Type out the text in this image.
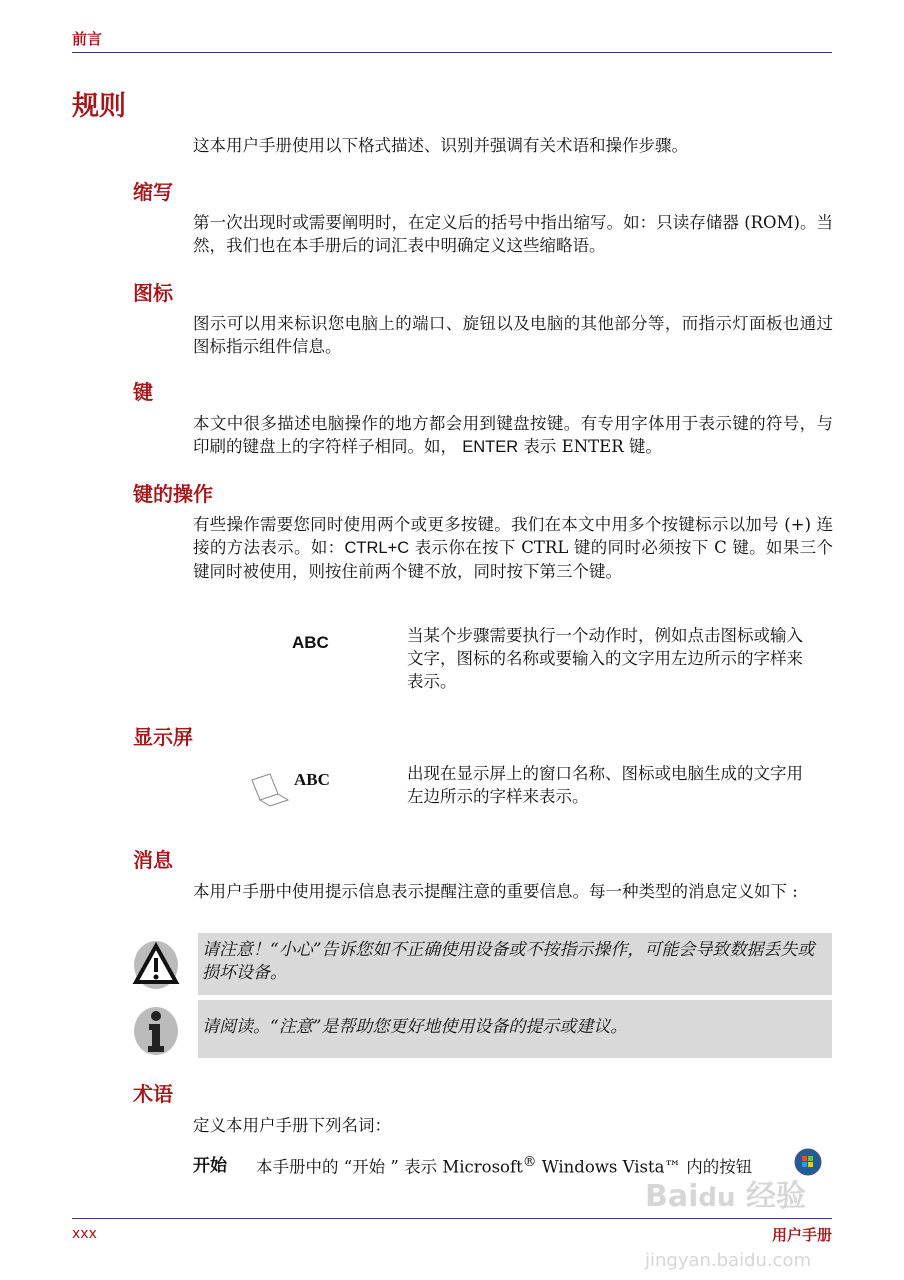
前言
规则
这本用户手册使用以下格式描述、识别并强调有关术语和操作步骤。
缩写
第一次出现时或需要阐明时，在定义后的括号中指出缩写。如：只读存储器 (ROM)。当然，我们也在本手册后的词汇表中明确定义这些缩略语。
图标
图示可以用来标识您电脑上的端口、旋钮以及电脑的其他部分等，而指示灯面板也通过图标指示组件信息。
键
本文中很多描述电脑操作的地方都会用到键盘按键。有专用字体用于表示键的符号，与印刷的键盘上的字符样子相同。如， ENTER 表示 ENTER 键。
键的操作
有些操作需要您同时使用两个或更多按键。我们在本文中用多个按键标示以加号 (+) 连接的方法表示。如：CTRL+C 表示你在按下 CTRL 键的同时必须按下 C 键。如果三个键同时被使用，则按住前两个键不放，同时按下第三个键。
ABC	当某个步骤需要执行一个动作时，例如点击图标或输入文字，图标的名称或要输入的文字用左边所示的字样来表示。
显示屏
ABC	出现在显示屏上的窗口名称、图标或电脑生成的文字用左边所示的字样来表示。
消息
本用户手册中使用提示信息表示提醒注意的重要信息。每一种类型的消息定义如下 :
请注意！“小心”告诉您如不正确使用设备或不按指示操作，可能会导致数据丢失或损坏设备。
请阅读。“注意”是帮助您更好地使用设备的提示或建议。
术语
定义本用户手册下列名词：
开始 本手册中的 “开始 ” 表示 Microsoft® Windows Vista™ 内的按钮
xxx	用户手册
Baidu 经验
jingyan.baidu.com
